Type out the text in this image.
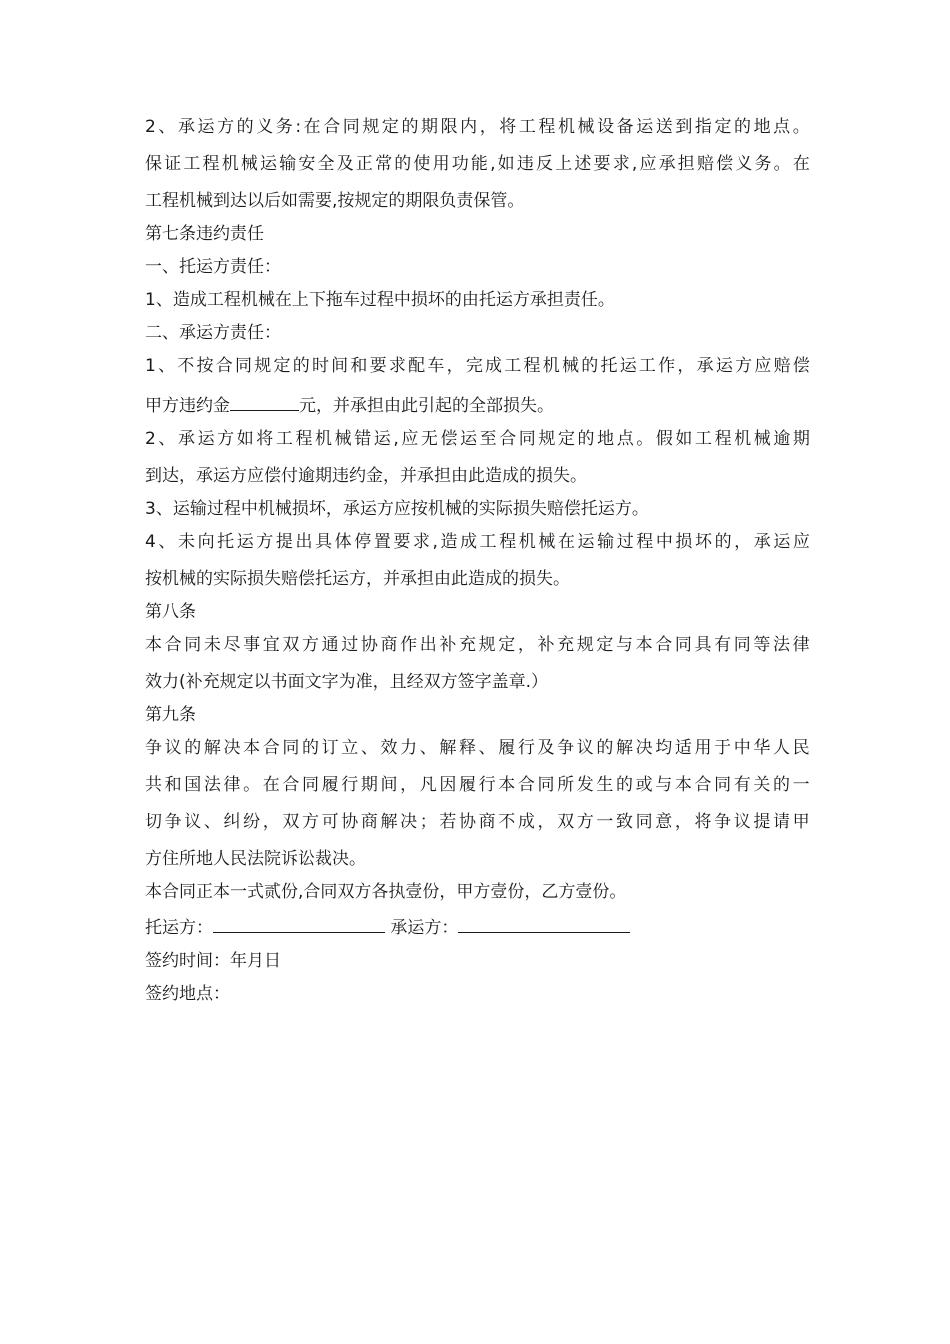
2 、 承 运 方 的 义 务 : 在 合 同 规 定 的 期 限 内 ， 将 工 程 机 械 设 备 运 送 到 指 定 的 地 点 。

保 证 工 程 机 械 运 输 安 全 及 正 常 的 使 用 功 能 , 如 违 反 上 述 要 求 , 应 承 担 赔 偿 义 务 。 在

工程机械到达以后如需要,按规定的期限负责保管。

第七条违约责任

一、托运方责任：

1、造成工程机械在上下拖车过程中损坏的由托运方承担责任。

二、承运方责任：

1 、 不 按 合 同 规 定 的 时 间 和 要 求 配 车 ， 完 成 工 程 机 械 的 托 运 工 作 ， 承 运 方 应 赔 偿

甲方违约金	元，并承担由此引起的全部损失。

2 、 承 运 方 如 将 工 程 机 械 错 运 , 应 无 偿 运 至 合 同 规 定 的 地 点 。 假 如 工 程 机 械 逾 期

到达，承运方应偿付逾期违约金，并承担由此造成的损失。

3、运输过程中机械损坏，承运方应按机械的实际损失赔偿托运方。

4 、 未 向 托 运 方 提 出 具 体 停 置 要 求 , 造 成 工 程 机 械 在 运 输 过 程 中 损 坏 的 ， 承 运 应

按机械的实际损失赔偿托运方，并承担由此造成的损失。

第八条

本 合 同 未 尽 事 宜 双 方 通 过 协 商 作 出 补 充 规 定 ， 补 充 规 定 与 本 合 同 具 有 同 等 法 律

效力(补充规定以书面文字为准，且经双方签字盖章.）

第九条

争 议 的 解 决 本 合 同 的 订 立 、 效 力 、 解 释 、 履 行 及 争 议 的 解 决 均 适 用 于 中 华 人 民

共 和 国 法 律 。 在 合 同 履 行 期 间 ， 凡 因 履 行 本 合 同 所 发 生 的 或 与 本 合 同 有 关 的 一

切 争 议 、 纠 纷 ， 双 方 可 协 商 解 决 ； 若 协 商 不 成 ， 双 方 一 致 同 意 ， 将 争 议 提 请 甲

方住所地人民法院诉讼裁决。

本合同正本一式贰份,合同双方各执壹份，甲方壹份，乙方壹份。

托运方：	承运方：

签约时间：年月日

签约地点：
